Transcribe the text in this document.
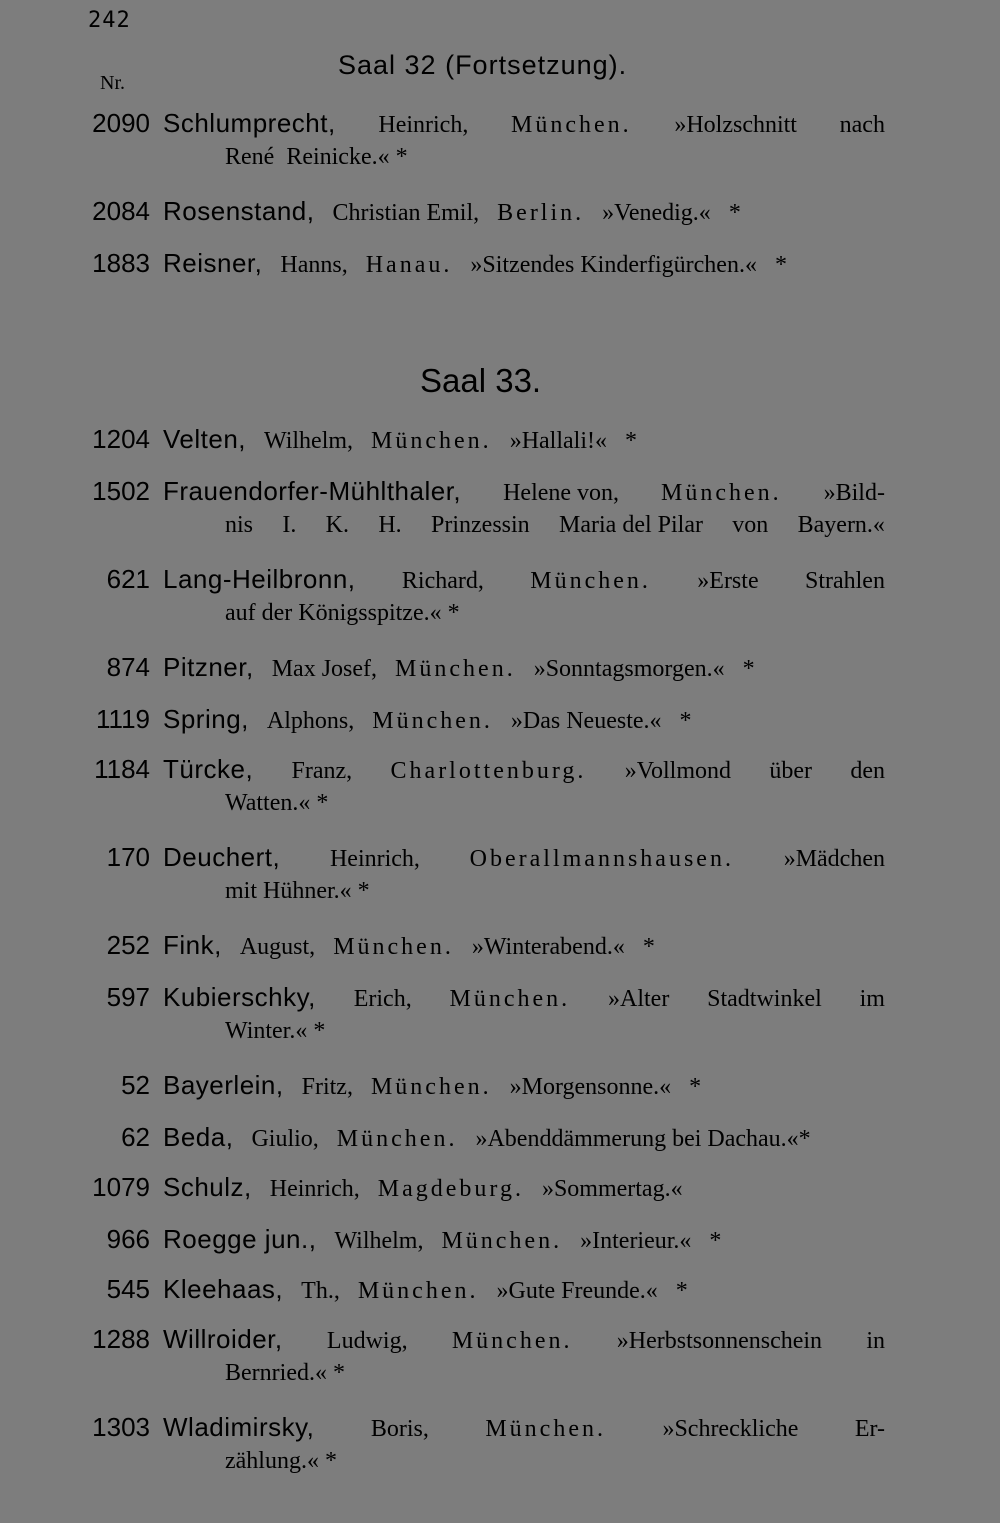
242
Nr.
Saal 32 (Fortsetzung).
Saal 33.
2090 Schlumprecht, Heinrich, München. »Holzschnitt nach
René Reinicke.« *
2084 Rosenstand, Christian Emil, Berlin. »Venedig.« *
1883 Reisner, Hanns, Hanau. »Sitzendes Kinderfigürchen.« *
1204 Velten, Wilhelm, München. »Hallali!« *
1502 Frauendorfer-Mühlthaler, Helene von, München. »Bild-
nis I. K. H. Prinzessin Maria del Pilar von Bayern.«
621 Lang-Heilbronn, Richard, München. »Erste Strahlen
auf der Königsspitze.« *
874 Pitzner, Max Josef, München. »Sonntagsmorgen.« *
1119 Spring, Alphons, München. »Das Neueste.« *
1184 Türcke, Franz, Charlottenburg. »Vollmond über den
Watten.« *
170 Deuchert, Heinrich, Oberallmannshausen. »Mädchen
mit Hühner.« *
252 Fink, August, München. »Winterabend.« *
597 Kubierschky, Erich, München. »Alter Stadtwinkel im
Winter.« *
52 Bayerlein, Fritz, München. »Morgensonne.« *
62 Beda, Giulio, München. »Abenddämmerung bei Dachau.«*
1079 Schulz, Heinrich, Magdeburg. »Sommertag.«
966 Roegge jun., Wilhelm, München. »Interieur.« *
545 Kleehaas, Th., München. »Gute Freunde.« *
1288 Willroider, Ludwig, München. »Herbstsonnenschein in
Bernried.« *
1303 Wladimirsky, Boris, München. »Schreckliche Er-
zählung.« *
